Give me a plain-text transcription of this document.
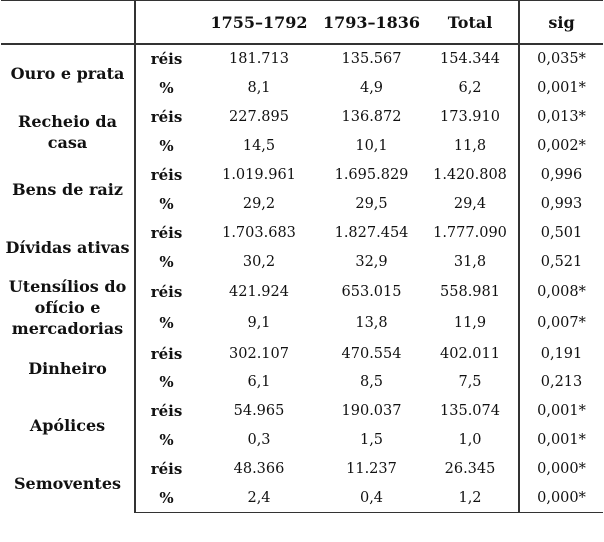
		1755–1792	1793–1836	Total	sig
Ouro e prata	réis	181.713	135.567	154.344	0,035*
	%	8,1	4,9	6,2	0,001*
Recheio da casa	réis	227.895	136.872	173.910	0,013*
	%	14,5	10,1	11,8	0,002*
Bens de raiz	réis	1.019.961	1.695.829	1.420.808	0,996
	%	29,2	29,5	29,4	0,993
Dívidas ativas	réis	1.703.683	1.827.454	1.777.090	0,501
	%	30,2	32,9	31,8	0,521
Utensílios do ofício e mercadorias	réis	421.924	653.015	558.981	0,008*
	%	9,1	13,8	11,9	0,007*
Dinheiro	réis	302.107	470.554	402.011	0,191
	%	6,1	8,5	7,5	0,213
Apólices	réis	54.965	190.037	135.074	0,001*
	%	0,3	1,5	1,0	0,001*
Semoventes	réis	48.366	11.237	26.345	0,000*
	%	2,4	0,4	1,2	0,000*
